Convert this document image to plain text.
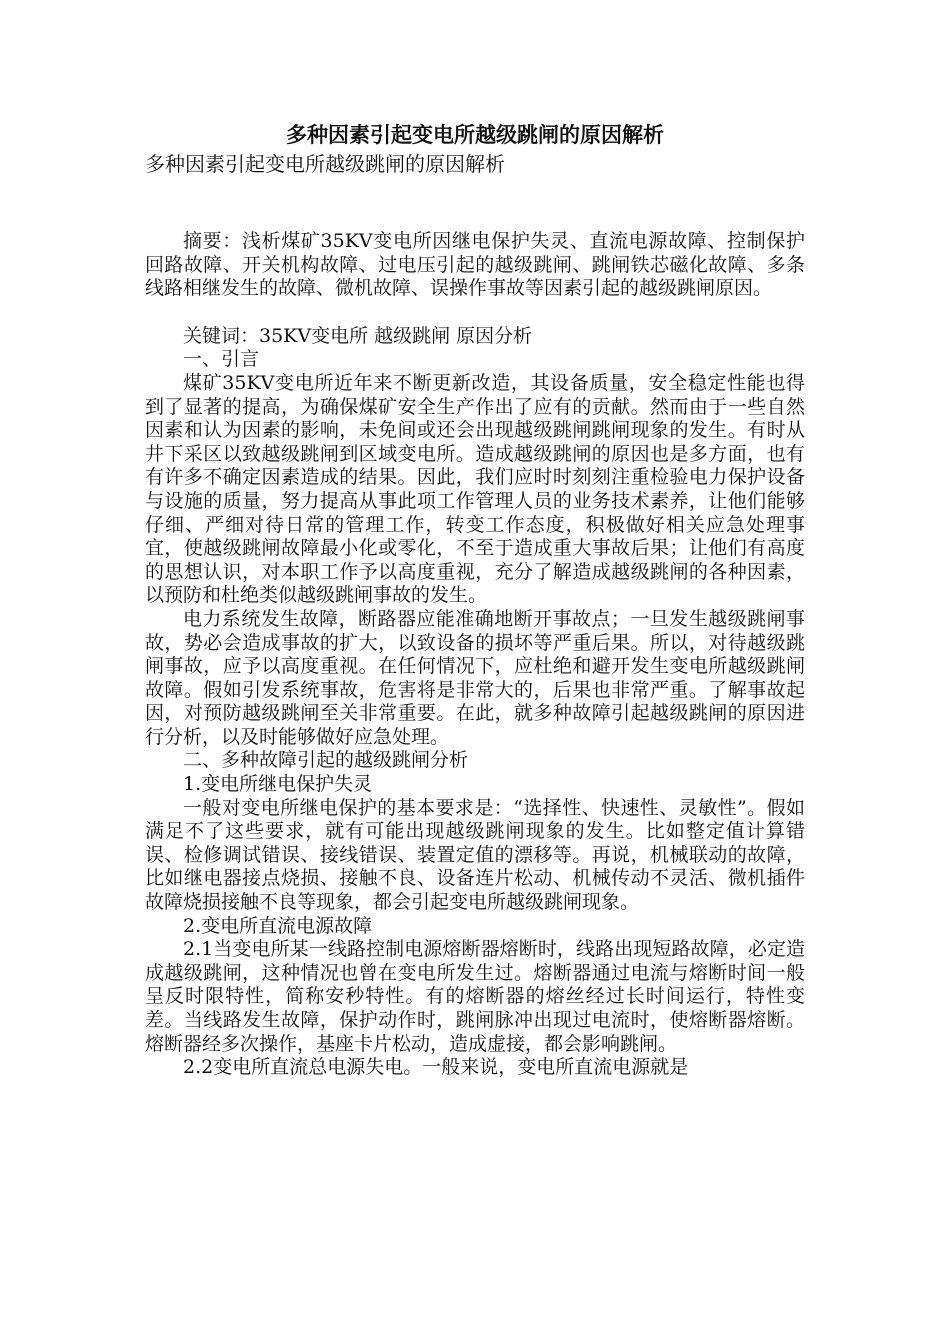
多种因素引起变电所越级跳闸的原因解析
多种因素引起变电所越级跳闸的原因解析

摘要：浅析煤矿35KV变电所因继电保护失灵、直流电源故障、控制保护回路故障、开关机构故障、过电压引起的越级跳闸、跳闸铁芯磁化故障、多条线路相继发生的故障、微机故障、误操作事故等因素引起的越级跳闸原因。

关键词：35KV变电所 越级跳闸 原因分析

一、引言

煤矿35KV变电所近年来不断更新改造，其设备质量，安全稳定性能也得到了显著的提高，为确保煤矿安全生产作出了应有的贡献。然而由于一些自然因素和认为因素的影响，未免间或还会出现越级跳闸跳闸现象的发生。有时从井下采区以致越级跳闸到区域变电所。造成越级跳闸的原因也是多方面，也有有许多不确定因素造成的结果。因此，我们应时时刻刻注重检验电力保护设备与设施的质量，努力提高从事此项工作管理人员的业务技术素养，让他们能够仔细、严细对待日常的管理工作，转变工作态度，积极做好相关应急处理事宜，使越级跳闸故障最小化或零化，不至于造成重大事故后果；让他们有高度的思想认识，对本职工作予以高度重视，充分了解造成越级跳闸的各种因素，以预防和杜绝类似越级跳闸事故的发生。

电力系统发生故障，断路器应能准确地断开事故点；一旦发生越级跳闸事故，势必会造成事故的扩大，以致设备的损坏等严重后果。所以，对待越级跳闸事故，应予以高度重视。在任何情况下，应杜绝和避开发生变电所越级跳闸故障。假如引发系统事故，危害将是非常大的，后果也非常严重。了解事故起因，对预防越级跳闸至关非常重要。在此，就多种故障引起越级跳闸的原因进行分析，以及时能够做好应急处理。

二、多种故障引起的越级跳闸分析

1.变电所继电保护失灵

一般对变电所继电保护的基本要求是：“选择性、快速性、灵敏性”。假如满足不了这些要求，就有可能出现越级跳闸现象的发生。比如整定值计算错误、检修调试错误、接线错误、装置定值的漂移等。再说，机械联动的故障，比如继电器接点烧损、接触不良、设备连片松动、机械传动不灵活、微机插件故障烧损接触不良等现象，都会引起变电所越级跳闸现象。

2.变电所直流电源故障

2.1当变电所某一线路控制电源熔断器熔断时，线路出现短路故障，必定造成越级跳闸，这种情况也曾在变电所发生过。熔断器通过电流与熔断时间一般呈反时限特性，简称安秒特性。有的熔断器的熔丝经过长时间运行，特性变差。当线路发生故障，保护动作时，跳闸脉冲出现过电流时，使熔断器熔断。熔断器经多次操作，基座卡片松动，造成虚接，都会影响跳闸。

2.2变电所直流总电源失电。一般来说，变电所直流电源就是
